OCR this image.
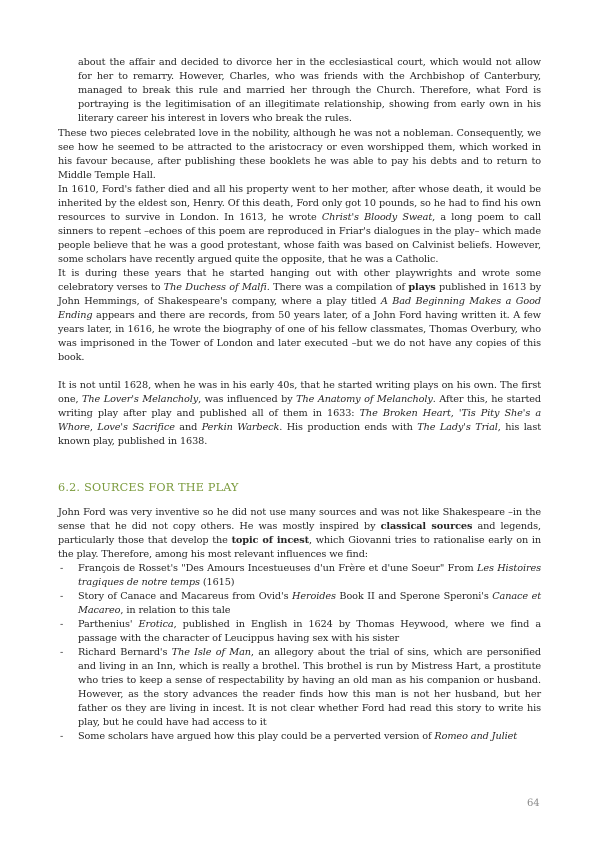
about the affair and decided to divorce her in the ecclesiastical court, which would not allow for her to remarry. However, Charles, who was friends with the Archbishop of Canterbury, managed to break this rule and married her through the Church. Therefore, what Ford is portraying is the legitimisation of an illegitimate relationship, showing from early own in his literary career his interest in lovers who break the rules.

These two pieces celebrated love in the nobility, although he was not a nobleman. Consequently, we see how he seemed to be attracted to the aristocracy or even worshipped them, which worked in his favour because, after publishing these booklets he was able to pay his debts and to return to Middle Temple Hall.

In 1610, Ford's father died and all his property went to her mother, after whose death, it would be inherited by the eldest son, Henry. Of this death, Ford only got 10 pounds, so he had to find his own resources to survive in London. In 1613, he wrote Christ's Bloody Sweat, a long poem to call sinners to repent –echoes of this poem are reproduced in Friar's dialogues in the play– which made people believe that he was a good protestant, whose faith was based on Calvinist beliefs. However, some scholars have recently argued quite the opposite, that he was a Catholic.

It is during these years that he started hanging out with other playwrights and wrote some celebratory verses to The Duchess of Malfi. There was a compilation of plays published in 1613 by John Hemmings, of Shakespeare's company, where a play titled A Bad Beginning Makes a Good Ending appears and there are records, from 50 years later, of a John Ford having written it. A few years later, in 1616, he wrote the biography of one of his fellow classmates, Thomas Overbury, who was imprisoned in the Tower of London and later executed –but we do not have any copies of this book.

It is not until 1628, when he was in his early 40s, that he started writing plays on his own. The first one, The Lover's Melancholy, was influenced by The Anatomy of Melancholy. After this, he started writing play after play and published all of them in 1633: The Broken Heart, 'Tis Pity She's a Whore, Love's Sacrifice and Perkin Warbeck. His production ends with The Lady's Trial, his last known play, published in 1638.

6.2. SOURCES FOR THE PLAY

John Ford was very inventive so he did not use many sources and was not like Shakespeare –in the sense that he did not copy others. He was mostly inspired by classical sources and legends, particularly those that develop the topic of incest, which Giovanni tries to rationalise early on in the play. Therefore, among his most relevant influences we find:

- François de Rosset's "Des Amours Incestueuses d'un Frère et d'une Soeur" From Les Histoires tragiques de notre temps (1615)
- Story of Canace and Macareus from Ovid's Heroides Book II and Sperone Speroni's Canace et Macareo, in relation to this tale
- Parthenius' Erotica, published in English in 1624 by Thomas Heywood, where we find a passage with the character of Leucippus having sex with his sister
- Richard Bernard's The Isle of Man, an allegory about the trial of sins, which are personified and living in an Inn, which is really a brothel. This brothel is run by Mistress Hart, a prostitute who tries to keep a sense of respectability by having an old man as his companion or husband. However, as the story advances the reader finds how this man is not her husband, but her father os they are living in incest. It is not clear whether Ford had read this story to write his play, but he could have had access to it
- Some scholars have argued how this play could be a perverted version of Romeo and Juliet
64
